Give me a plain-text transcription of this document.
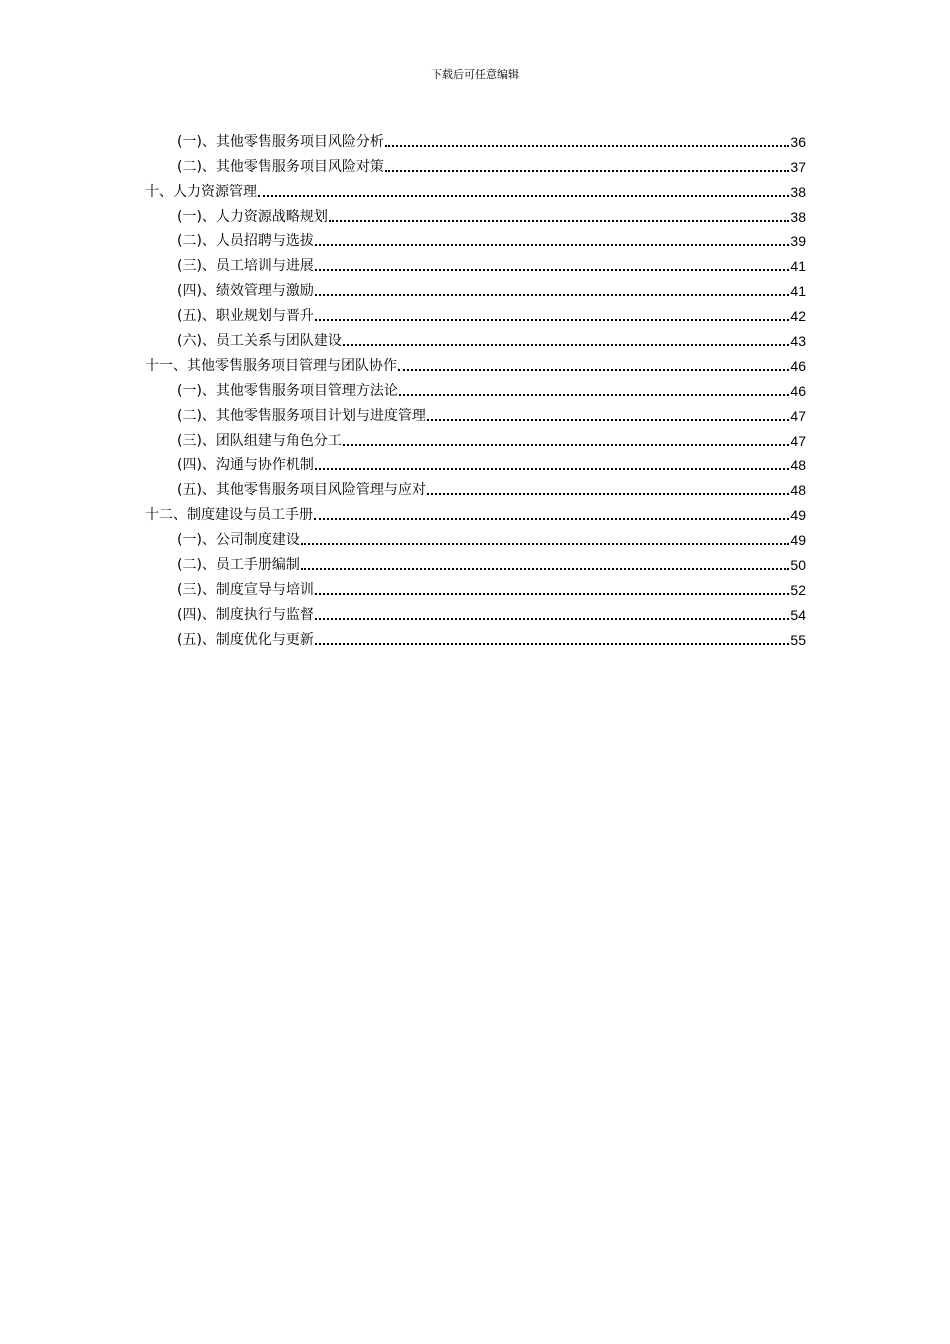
下载后可任意编辑
(一)、其他零售服务项目风险分析	36
(二)、其他零售服务项目风险对策	37
十、人力资源管理	38
(一)、人力资源战略规划	38
(二)、人员招聘与选拔	39
(三)、员工培训与进展	41
(四)、绩效管理与激励	41
(五)、职业规划与晋升	42
(六)、员工关系与团队建设	43
十一、其他零售服务项目管理与团队协作	46
(一)、其他零售服务项目管理方法论	46
(二)、其他零售服务项目计划与进度管理	47
(三)、团队组建与角色分工	47
(四)、沟通与协作机制	48
(五)、其他零售服务项目风险管理与应对	48
十二、制度建设与员工手册	49
(一)、公司制度建设	49
(二)、员工手册编制	50
(三)、制度宣导与培训	52
(四)、制度执行与监督	54
(五)、制度优化与更新	55
